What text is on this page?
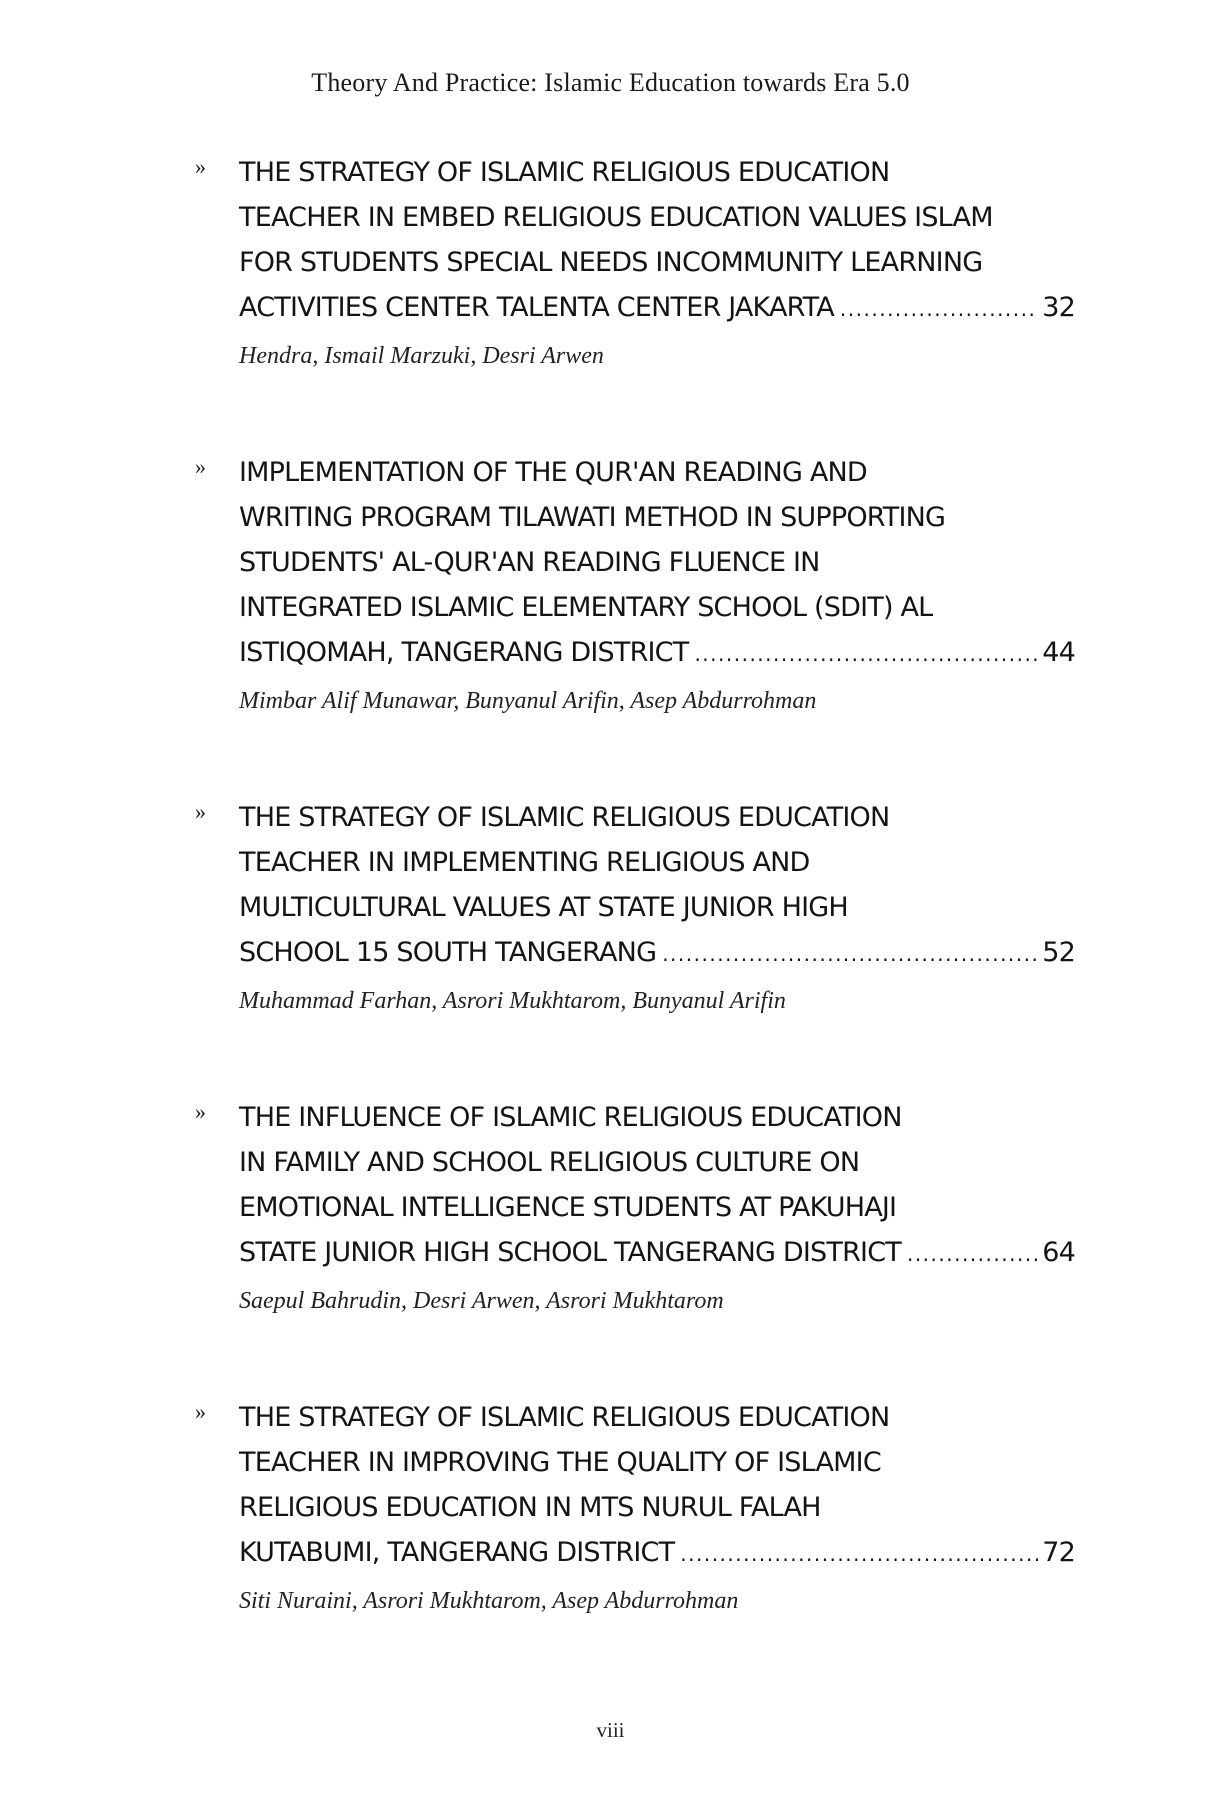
Theory And Practice: Islamic Education towards Era 5.0
» THE STRATEGY OF ISLAMIC RELIGIOUS EDUCATION
TEACHER IN EMBED RELIGIOUS EDUCATION VALUES ISLAM
FOR STUDENTS SPECIAL NEEDS INCOMMUNITY LEARNING
ACTIVITIES CENTER TALENTA CENTER JAKARTA .....	32
Hendra, Ismail Marzuki, Desri Arwen
» IMPLEMENTATION OF THE QUR'AN READING AND
WRITING PROGRAM TILAWATI METHOD IN SUPPORTING
STUDENTS' AL-QUR'AN READING FLUENCE IN
INTEGRATED ISLAMIC ELEMENTARY SCHOOL (SDIT) AL
ISTIQOMAH, TANGERANG DISTRICT .....	44
Mimbar Alif Munawar, Bunyanul Arifin, Asep Abdurrohman
» THE STRATEGY OF ISLAMIC RELIGIOUS EDUCATION
TEACHER IN IMPLEMENTING RELIGIOUS AND
MULTICULTURAL VALUES AT STATE JUNIOR HIGH
SCHOOL 15 SOUTH TANGERANG .....	52
Muhammad Farhan, Asrori Mukhtarom, Bunyanul Arifin
» THE INFLUENCE OF ISLAMIC RELIGIOUS EDUCATION
IN FAMILY AND SCHOOL RELIGIOUS CULTURE ON
EMOTIONAL INTELLIGENCE STUDENTS AT PAKUHAJI
STATE JUNIOR HIGH SCHOOL TANGERANG DISTRICT .....	64
Saepul Bahrudin, Desri Arwen, Asrori Mukhtarom
» THE STRATEGY OF ISLAMIC RELIGIOUS EDUCATION
TEACHER IN IMPROVING THE QUALITY OF ISLAMIC
RELIGIOUS EDUCATION IN MTS NURUL FALAH
KUTABUMI, TANGERANG DISTRICT .....	72
Siti Nuraini, Asrori Mukhtarom, Asep Abdurrohman
viii
